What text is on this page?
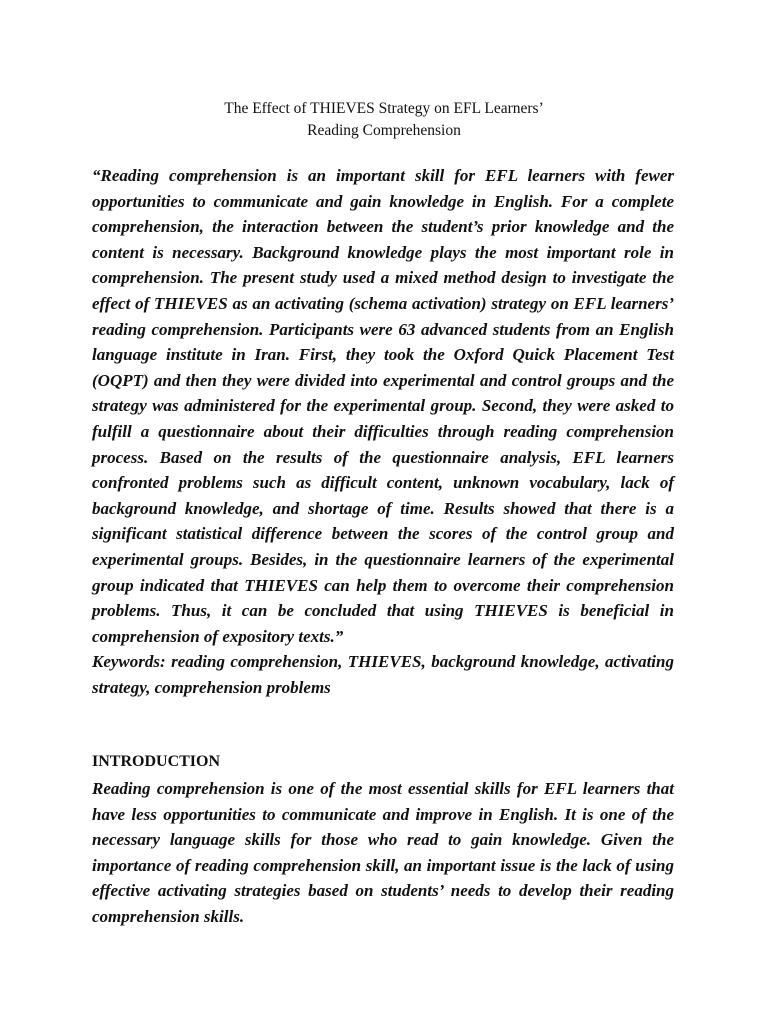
The Effect of THIEVES Strategy on EFL Learners’
Reading Comprehension

“Reading comprehension is an important skill for EFL learners with fewer opportunities to communicate and gain knowledge in English. For a complete comprehension, the interaction between the student’s prior knowledge and the content is necessary. Background knowledge plays the most important role in comprehension. The present study used a mixed method design to investigate the effect of THIEVES as an activating (schema activation) strategy on EFL learners’ reading comprehension. Participants were 63 advanced students from an English language institute in Iran. First, they took the Oxford Quick Placement Test (OQPT) and then they were divided into experimental and control groups and the strategy was administered for the experimental group. Second, they were asked to fulfill a questionnaire about their difficulties through reading comprehension process. Based on the results of the questionnaire analysis, EFL learners confronted problems such as difficult content, unknown vocabulary, lack of background knowledge, and shortage of time. Results showed that there is a significant statistical difference between the scores of the control group and experimental groups. Besides, in the questionnaire learners of the experimental group indicated that THIEVES can help them to overcome their comprehension problems. Thus, it can be concluded that using THIEVES is beneficial in comprehension of expository texts.”

Keywords: reading comprehension, THIEVES, background knowledge, activating strategy, comprehension problems

INTRODUCTION

Reading comprehension is one of the most essential skills for EFL learners that have less opportunities to communicate and improve in English. It is one of the necessary language skills for those who read to gain knowledge. Given the importance of reading comprehension skill, an important issue is the lack of using effective activating strategies based on students’ needs to develop their reading comprehension skills.
